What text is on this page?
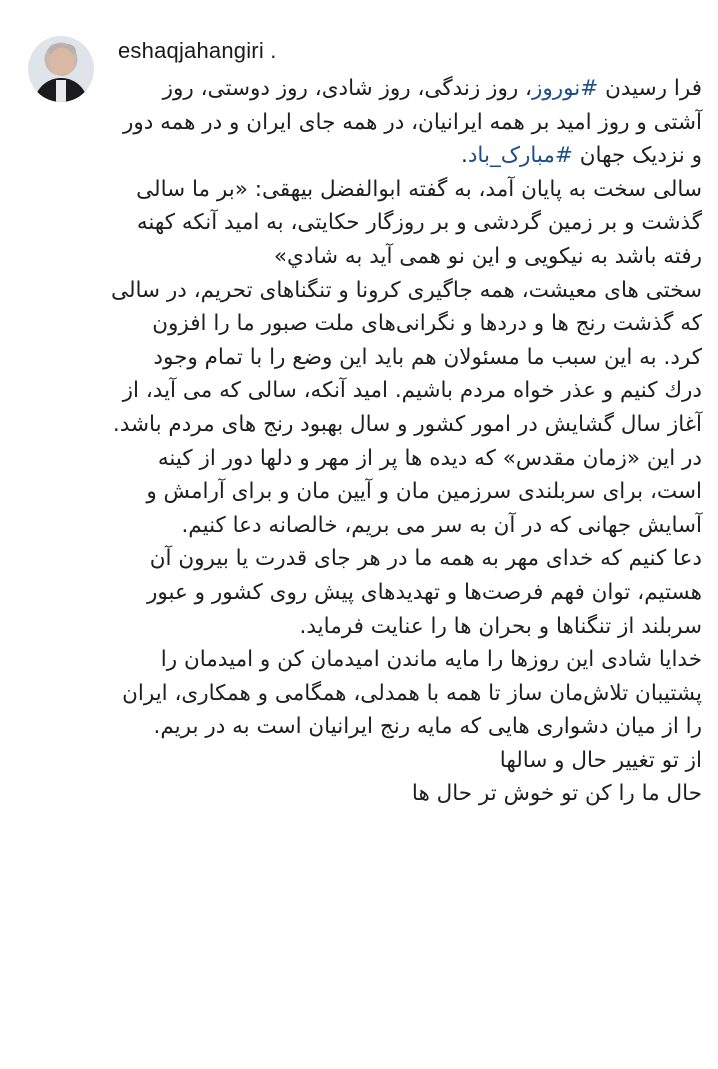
eshaqjahangiri .

فرا رسیدن #نوروز، روز زندگی، روز شادی، روز دوستی، روز آشتی و روز امید بر همه ایرانیان، در همه جای ایران و در همه دور و نزدیک جهان #مبارک_باد.

سالی سخت به پایان آمد، به گفته ابوالفضل بیهقی: «بر ما سالی گذشت و بر زمین گردشی و بر روزگار حکایتی، به امید آنکه کهنه رفته باشد به نیکویی و این نو همی آید به شادي»

سختی های معیشت، همه جاگیری کرونا و تنگناهای تحریم، در سالی که گذشت رنج ها و دردها و نگرانی‌های ملت صبور ما را افزون کرد. به این سبب ما مسئولان هم باید این وضع را با تمام وجود درك کنیم و عذر خواه مردم باشیم. امید آنکه، سالی که می آید، از آغاز سال گشایش در امور کشور و سال بهبود رنج های مردم باشد.

در این «زمان مقدس» که دیده ها پر از مهر و دلها دور از کینه است، برای سربلندی سرزمین مان و آیین مان و برای آرامش و آسایش جهانی که در آن به سر می بریم، خالصانه دعا کنیم.

دعا کنیم که خدای مهر به همه ما در هر جای قدرت یا بیرون آن هستیم، توان فهم فرصت‌ها و تهدیدهای پیش روی کشور و عبور سربلند از تنگناها و بحران ها را عنایت فرماید.

خدایا شادی این روزها را مایه ماندن امیدمان کن و امیدمان را پشتیبان تلاش‌مان ساز تا همه با همدلی، همگامی و همکاری، ایران را از میان دشواری هایی که مایه رنج ایرانیان است به در بریم.

از تو تغییر حال و سالها

حال ما را کن تو خوش تر حال ها
